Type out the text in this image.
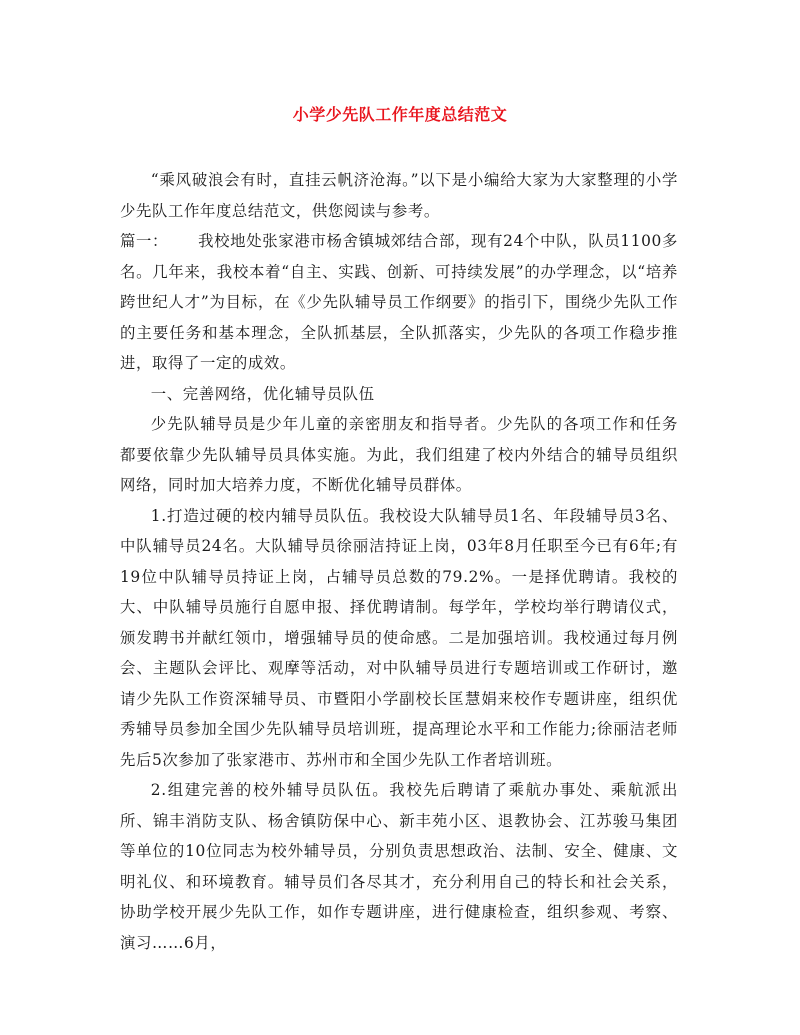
小学少先队工作年度总结范文

“乘风破浪会有时，直挂云帆济沧海。”以下是小编给大家为大家整理的小学少先队工作年度总结范文，供您阅读与参考。

篇一： 我校地处张家港市杨舍镇城郊结合部，现有24个中队，队员1100多名。几年来，我校本着“自主、实践、创新、可持续发展”的办学理念，以“培养跨世纪人才”为目标，在《少先队辅导员工作纲要》的指引下，围绕少先队工作的主要任务和基本理念，全队抓基层，全队抓落实，少先队的各项工作稳步推进，取得了一定的成效。

一、完善网络，优化辅导员队伍

少先队辅导员是少年儿童的亲密朋友和指导者。少先队的各项工作和任务都要依靠少先队辅导员具体实施。为此，我们组建了校内外结合的辅导员组织网络，同时加大培养力度，不断优化辅导员群体。

1.打造过硬的校内辅导员队伍。我校设大队辅导员1名、年段辅导员3名、中队辅导员24名。大队辅导员徐丽洁持证上岗，03年8月任职至今已有6年;有19位中队辅导员持证上岗，占辅导员总数的79.2%。一是择优聘请。我校的大、中队辅导员施行自愿申报、择优聘请制。每学年，学校均举行聘请仪式，颁发聘书并献红领巾，增强辅导员的使命感。二是加强培训。我校通过每月例会、主题队会评比、观摩等活动，对中队辅导员进行专题培训或工作研讨，邀请少先队工作资深辅导员、市暨阳小学副校长匡慧娟来校作专题讲座，组织优秀辅导员参加全国少先队辅导员培训班，提高理论水平和工作能力;徐丽洁老师先后5次参加了张家港市、苏州市和全国少先队工作者培训班。

2.组建完善的校外辅导员队伍。我校先后聘请了乘航办事处、乘航派出所、锦丰消防支队、杨舍镇防保中心、新丰苑小区、退教协会、江苏骏马集团等单位的10位同志为校外辅导员，分别负责思想政治、法制、安全、健康、文明礼仪、和环境教育。辅导员们各尽其才，充分利用自己的特长和社会关系，协助学校开展少先队工作，如作专题讲座，进行健康检查，组织参观、考察、演习……6月，
